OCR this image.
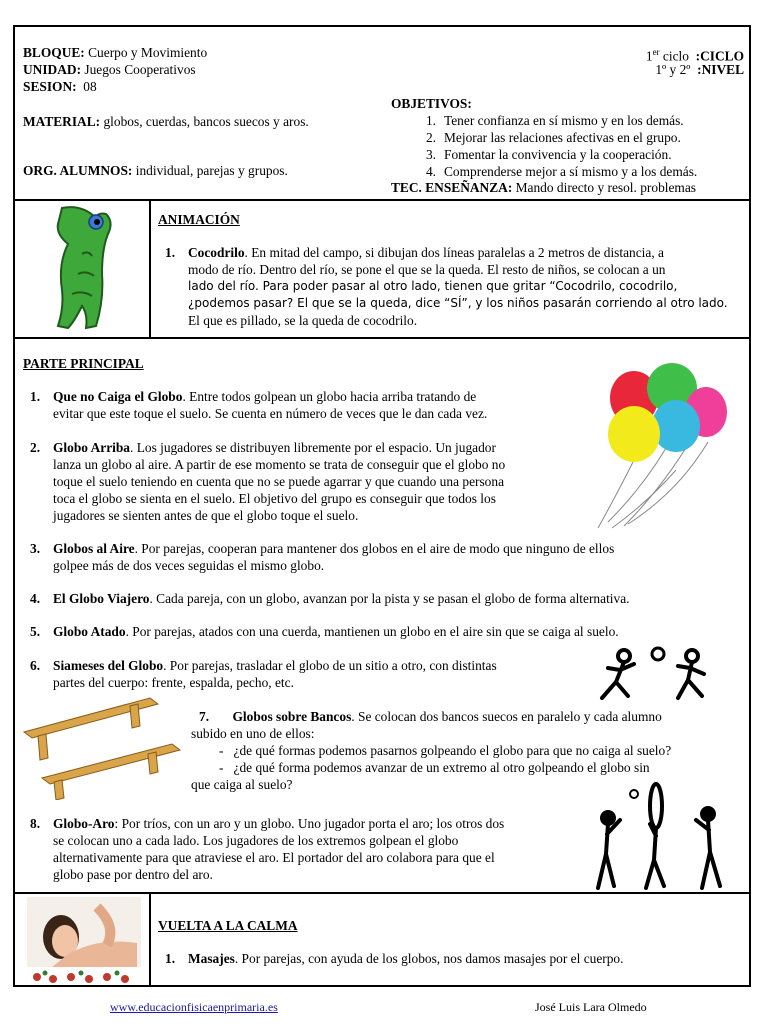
BLOQUE: Cuerpo y Movimiento
UNIDAD: Juegos Cooperativos
SESION: 08
MATERIAL: globos, cuerdas, bancos suecos y aros.
ORG. ALUMNOS: individual, parejas y grupos.
1er ciclo :CICLO
1º y 2º :NIVEL
OBJETIVOS:
1. Tener confianza en sí mismo y en los demás.
2. Mejorar las relaciones afectivas en el grupo.
3. Fomentar la convivencia y la cooperación.
4. Comprenderse mejor a sí mismo y a los demás.
TEC. ENSEÑANZA: Mando directo y resol. problemas
ANIMACIÓN
1. Cocodrilo. En mitad del campo, si dibujan dos líneas paralelas a 2 metros de distancia, a
modo de río. Dentro del río, se pone el que se la queda. El resto de niños, se colocan a un
lado del río. Para poder pasar al otro lado, tienen que gritar “Cocodrilo, cocodrilo,
¿podemos pasar? El que se la queda, dice “SÍ”, y los niños pasarán corriendo al otro lado.
El que es pillado, se la queda de cocodrilo.
PARTE PRINCIPAL
1. Que no Caiga el Globo. Entre todos golpean un globo hacia arriba tratando de
evitar que este toque el suelo. Se cuenta en número de veces que le dan cada vez.
2. Globo Arriba. Los jugadores se distribuyen libremente por el espacio. Un jugador
lanza un globo al aire. A partir de ese momento se trata de conseguir que el globo no
toque el suelo teniendo en cuenta que no se puede agarrar y que cuando una persona
toca el globo se sienta en el suelo. El objetivo del grupo es conseguir que todos los
jugadores se sienten antes de que el globo toque el suelo.
3. Globos al Aire. Por parejas, cooperan para mantener dos globos en el aire de modo que ninguno de ellos
golpee más de dos veces seguidas el mismo globo.
4. El Globo Viajero. Cada pareja, con un globo, avanzan por la pista y se pasan el globo de forma alternativa.
5. Globo Atado. Por parejas, atados con una cuerda, mantienen un globo en el aire sin que se caiga al suelo.
6. Siameses del Globo. Por parejas, trasladar el globo de un sitio a otro, con distintas
partes del cuerpo: frente, espalda, pecho, etc.
7. Globos sobre Bancos. Se colocan dos bancos suecos en paralelo y cada alumno
subido en uno de ellos:
-   ¿de qué formas podemos pasarnos golpeando el globo para que no caiga al suelo?
-   ¿de qué forma podemos avanzar de un extremo al otro golpeando el globo sin
que caiga al suelo?
8. Globo-Aro: Por tríos, con un aro y un globo. Uno jugador porta el aro; los otros dos
se colocan uno a cada lado. Los jugadores de los extremos golpean el globo
alternativamente para que atraviese el aro. El portador del aro colabora para que el
globo pase por dentro del aro.
VUELTA A LA CALMA
1. Masajes. Por parejas, con ayuda de los globos, nos damos masajes por el cuerpo.
www.educacionfisicaenprimaria.es	José Luis Lara Olmedo
